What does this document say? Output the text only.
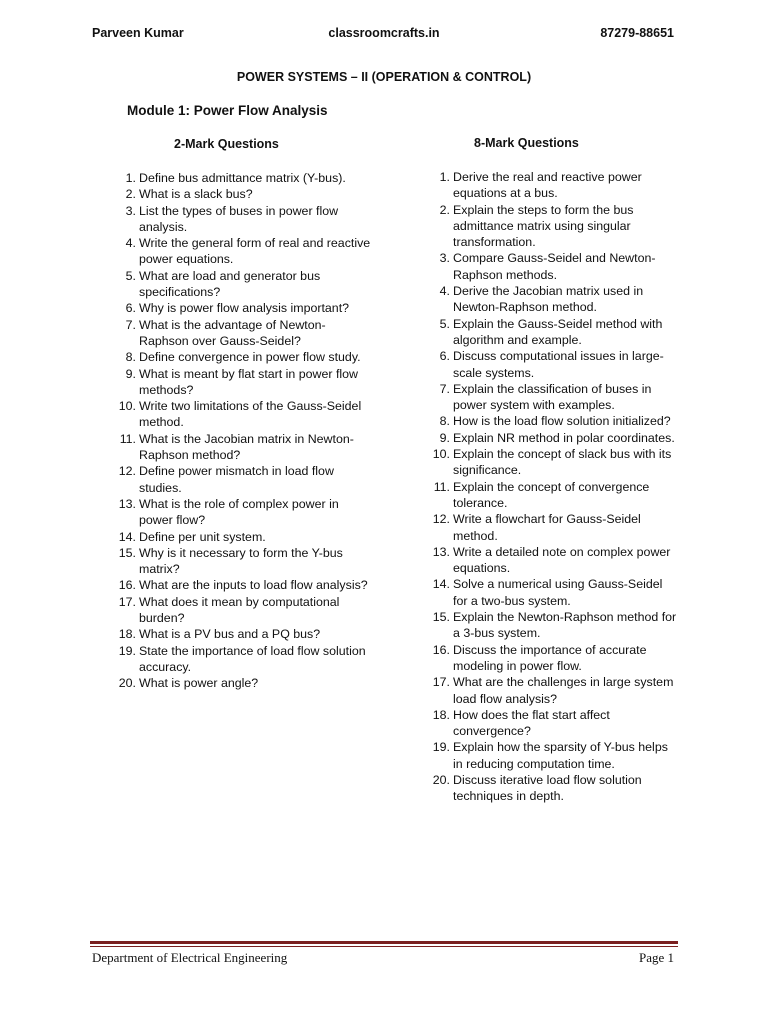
Parveen Kumar	classroomcrafts.in	87279-88651
POWER SYSTEMS – II (OPERATION & CONTROL)
Module 1: Power Flow Analysis
2-Mark Questions	8-Mark Questions
1. Define bus admittance matrix (Y-bus).
2. What is a slack bus?
3. List the types of buses in power flow analysis.
4. Write the general form of real and reactive power equations.
5. What are load and generator bus specifications?
6. Why is power flow analysis important?
7. What is the advantage of Newton-Raphson over Gauss-Seidel?
8. Define convergence in power flow study.
9. What is meant by flat start in power flow methods?
10. Write two limitations of the Gauss-Seidel method.
11. What is the Jacobian matrix in Newton-Raphson method?
12. Define power mismatch in load flow studies.
13. What is the role of complex power in power flow?
14. Define per unit system.
15. Why is it necessary to form the Y-bus matrix?
16. What are the inputs to load flow analysis?
17. What does it mean by computational burden?
18. What is a PV bus and a PQ bus?
19. State the importance of load flow solution accuracy.
20. What is power angle?
1. Derive the real and reactive power equations at a bus.
2. Explain the steps to form the bus admittance matrix using singular transformation.
3. Compare Gauss-Seidel and Newton-Raphson methods.
4. Derive the Jacobian matrix used in Newton-Raphson method.
5. Explain the Gauss-Seidel method with algorithm and example.
6. Discuss computational issues in large-scale systems.
7. Explain the classification of buses in power system with examples.
8. How is the load flow solution initialized?
9. Explain NR method in polar coordinates.
10. Explain the concept of slack bus with its significance.
11. Explain the concept of convergence tolerance.
12. Write a flowchart for Gauss-Seidel method.
13. Write a detailed note on complex power equations.
14. Solve a numerical using Gauss-Seidel for a two-bus system.
15. Explain the Newton-Raphson method for a 3-bus system.
16. Discuss the importance of accurate modeling in power flow.
17. What are the challenges in large system load flow analysis?
18. How does the flat start affect convergence?
19. Explain how the sparsity of Y-bus helps in reducing computation time.
20. Discuss iterative load flow solution techniques in depth.
Department of Electrical Engineering	Page 1
